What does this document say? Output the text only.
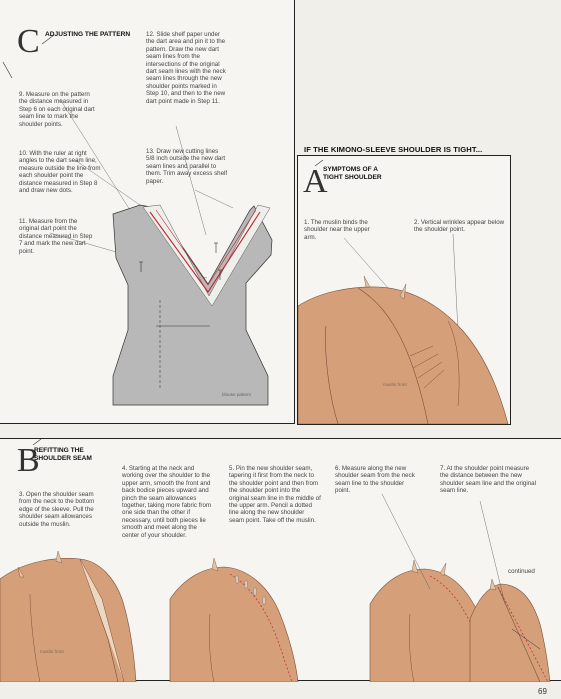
C ADJUSTING THE PATTERN
9. Measure on the pattern the distance measured in Step 6 on each original dart seam line to mark the shoulder points.
10. With the ruler at right angles to the dart seam line, measure outside the line from each shoulder point the distance measured in Step 8 and draw new dots.
11. Measure from the original dart point the distance measured in Step 7 and mark the new dart point.
12. Slide shelf paper under the dart area and pin it to the pattern. Draw the new dart seam lines from the intersections of the original dart seam lines with the neck seam lines through the new shoulder points marked in Step 10, and then to the new dart point made in Step 11.
13. Draw new cutting lines 5/8 inch outside the new dart seam lines and parallel to them. Trim away excess shelf paper.
blouse pattern
IF THE KIMONO-SLEEVE SHOULDER IS TIGHT...
A
SYMPTOMS OF A TIGHT SHOULDER
1. The muslin binds the shoulder near the upper arm.
2. Vertical wrinkles appear below the shoulder point.
muslin front
B
REFITTING THE SHOULDER SEAM
3. Open the shoulder seam from the neck to the bottom edge of the sleeve. Pull the shoulder seam allowances outside the muslin.
4. Starting at the neck and working over the shoulder to the upper arm, smooth the front and back bodice pieces upward and pinch the seam allowances together, taking more fabric from one side than the other if necessary, until both pieces lie smooth and meet along the center of your shoulder.
5. Pin the new shoulder seam, tapering it first from the neck to the shoulder point and then from the shoulder point into the original seam line in the middle of the upper arm. Pencil a dotted line along the new shoulder seam point. Take off the muslin.
6. Measure along the new shoulder seam from the neck seam line to the shoulder point.
7. At the shoulder point measure the distance between the new shoulder seam line and the original seam line.
muslin front
continued
69
